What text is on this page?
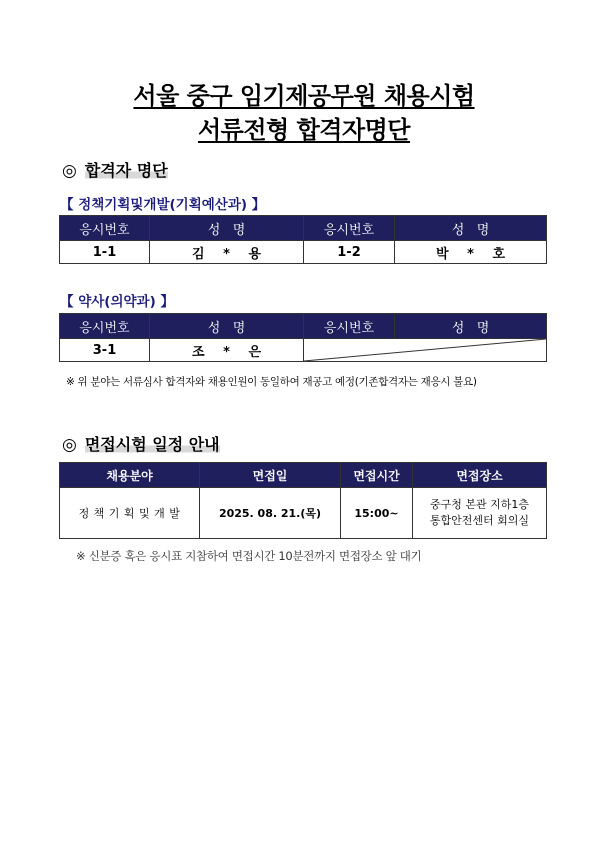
서울 중구 임기제공무원 채용시험
서류전형 합격자명단
◎ 합격자 명단
【 정책기획및개발(기획예산과) 】
응시번호	성   명	응시번호	성   명
1-1	김 * 용	1-2	박 * 호
【 약사(의약과) 】
응시번호	성   명	응시번호	성   명
3-1	조 * 은	
※ 위 분야는 서류심사 합격자와 채용인원이 동일하여 재공고 예정(기존합격자는 재응시 불요)
◎ 면접시험 일정 안내
채용분야	면접일	면접시간	면접장소
정 책 기 획 및 개 발	2025. 08. 21.(목)	15:00~	중구청 본관 지하1층
통합안전센터 회의실
※ 신분증 혹은 응시표 지참하여 면접시간 10분전까지 면접장소 앞 대기
